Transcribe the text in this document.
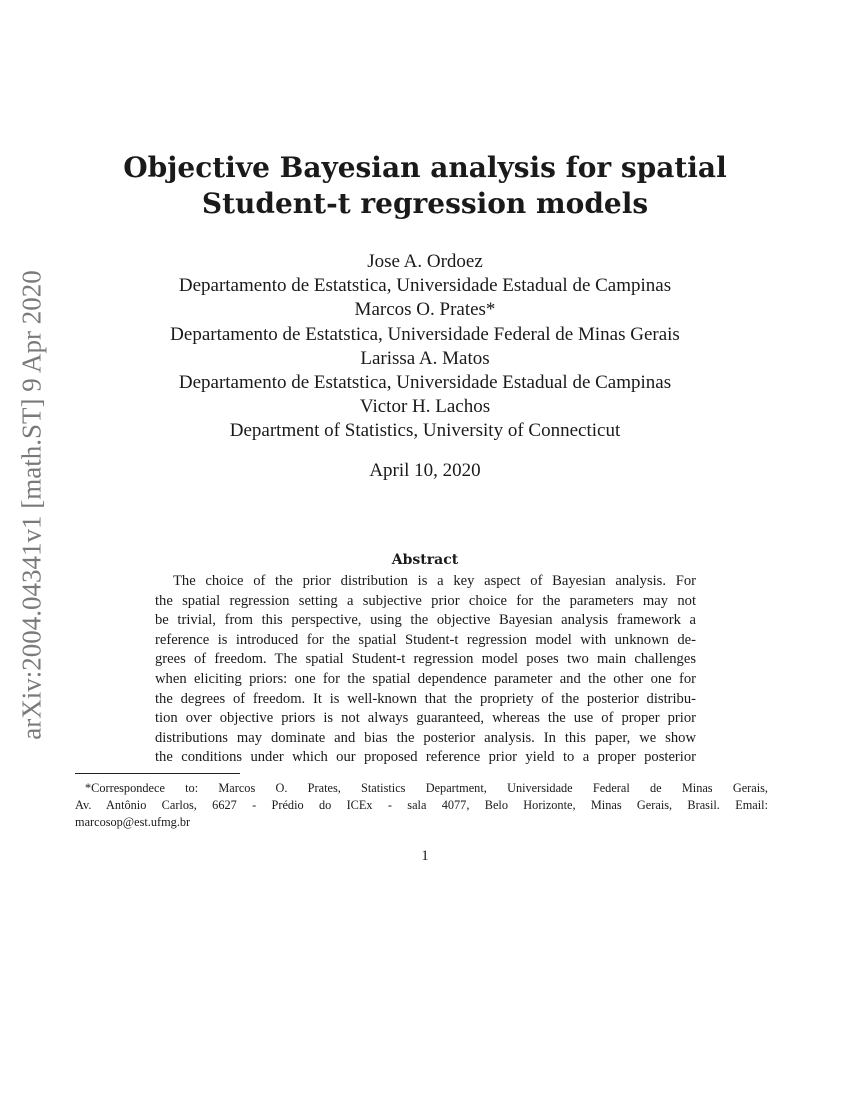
arXiv:2004.04341v1 [math.ST] 9 Apr 2020
Objective Bayesian analysis for spatial
Student-t regression models
Jose A. Ordoez
Departamento de Estatstica, Universidade Estadual de Campinas
Marcos O. Prates*
Departamento de Estatstica, Universidade Federal de Minas Gerais
Larissa A. Matos
Departamento de Estatstica, Universidade Estadual de Campinas
Victor H. Lachos
Department of Statistics, University of Connecticut
April 10, 2020
Abstract
The choice of the prior distribution is a key aspect of Bayesian analysis. For
the spatial regression setting a subjective prior choice for the parameters may not
be trivial, from this perspective, using the objective Bayesian analysis framework a
reference is introduced for the spatial Student-t regression model with unknown de-
grees of freedom. The spatial Student-t regression model poses two main challenges
when eliciting priors: one for the spatial dependence parameter and the other one for
the degrees of freedom. It is well-known that the propriety of the posterior distribu-
tion over objective priors is not always guaranteed, whereas the use of proper prior
distributions may dominate and bias the posterior analysis. In this paper, we show
the conditions under which our proposed reference prior yield to a proper posterior
*Correspondece to: Marcos O. Prates, Statistics Department, Universidade Federal de Minas Gerais,
Av. Antônio Carlos, 6627 - Prédio do ICEx - sala 4077, Belo Horizonte, Minas Gerais, Brasil. Email:
marcosop@est.ufmg.br
1
